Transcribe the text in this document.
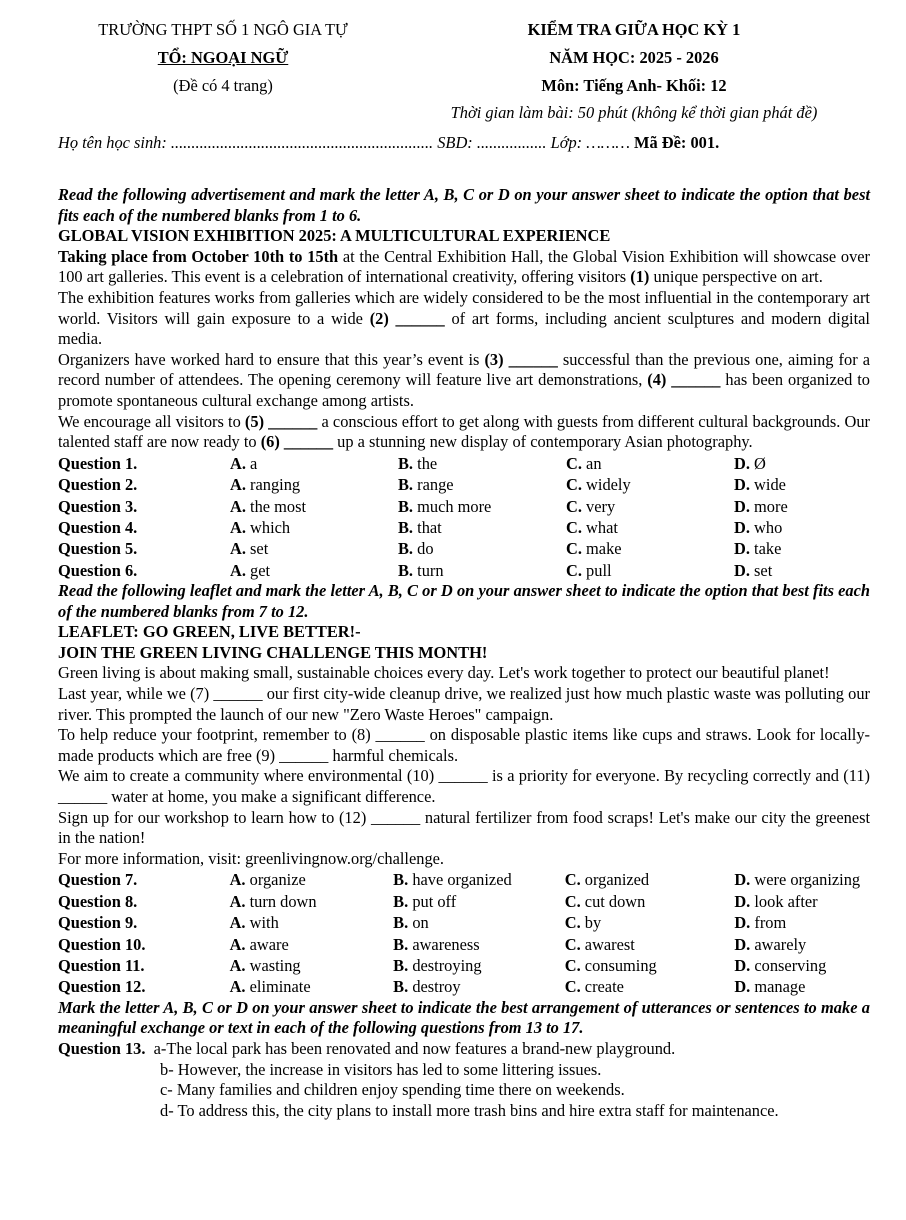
TRƯỜNG THPT SỐ 1 NGÔ GIA TỰ
TỔ: NGOẠI NGỮ
(Đề có 4 trang)
KIỂM TRA GIỮA HỌC KỲ 1
NĂM HỌC: 2025 - 2026
Môn: Tiếng Anh- Khối: 12
Thời gian làm bài: 50 phút (không kể thời gian phát đề)
Họ tên học sinh: ................................................................ SBD: ................. Lớp: ……… Mã Đề: 001.

Read the following advertisement and mark the letter A, B, C or D on your answer sheet to indicate the option that best fits each of the numbered blanks from 1 to 6.

GLOBAL VISION EXHIBITION 2025: A MULTICULTURAL EXPERIENCE

Taking place from October 10th to 15th at the Central Exhibition Hall, the Global Vision Exhibition will showcase over 100 art galleries. This event is a celebration of international creativity, offering visitors (1) unique perspective on art.

The exhibition features works from galleries which are widely considered to be the most influential in the contemporary art world. Visitors will gain exposure to a wide (2) ______ of art forms, including ancient sculptures and modern digital media.

Organizers have worked hard to ensure that this year’s event is (3) ______ successful than the previous one, aiming for a record number of attendees. The opening ceremony will feature live art demonstrations, (4) ______ has been organized to promote spontaneous cultural exchange among artists.

We encourage all visitors to (5) ______ a conscious effort to get along with guests from different cultural backgrounds. Our talented staff are now ready to (6) ______ up a stunning new display of contemporary Asian photography.

Question 1.	A. a	B. the	C. an	D. Ø
Question 2.	A. ranging	B. range	C. widely	D. wide
Question 3.	A. the most	B. much more	C. very	D. more
Question 4.	A. which	B. that	C. what	D. who
Question 5.	A. set	B. do	C. make	D. take
Question 6.	A. get	B. turn	C. pull	D. set

Read the following leaflet and mark the letter A, B, C or D on your answer sheet to indicate the option that best fits each of the numbered blanks from 7 to 12.

LEAFLET: GO GREEN, LIVE BETTER!-

JOIN THE GREEN LIVING CHALLENGE THIS MONTH!

Green living is about making small, sustainable choices every day. Let's work together to protect our beautiful planet!

Last year, while we (7) ______ our first city-wide cleanup drive, we realized just how much plastic waste was polluting our river. This prompted the launch of our new "Zero Waste Heroes" campaign.

To help reduce your footprint, remember to (8) ______ on disposable plastic items like cups and straws. Look for locally-made products which are free (9) ______ harmful chemicals.

We aim to create a community where environmental (10) ______ is a priority for everyone. By recycling correctly and (11) ______ water at home, you make a significant difference.

Sign up for our workshop to learn how to (12) ______ natural fertilizer from food scraps! Let's make our city the greenest in the nation!

For more information, visit: greenlivingnow.org/challenge.

Question 7.	A. organize	B. have organized	C. organized	D. were organizing
Question 8.	A. turn down	B. put off	C. cut down	D. look after
Question 9.	A. with	B. on	C. by	D. from
Question 10.	A. aware	B. awareness	C. awarest	D. awarely
Question 11.	A. wasting	B. destroying	C. consuming	D. conserving
Question 12.	A. eliminate	B. destroy	C. create	D. manage

Mark the letter A, B, C or D on your answer sheet to indicate the best arrangement of utterances or sentences to make a meaningful exchange or text in each of the following questions from 13 to 17.

Question 13. a-The local park has been renovated and now features a brand-new playground.
b- However, the increase in visitors has led to some littering issues.
c- Many families and children enjoy spending time there on weekends.
d- To address this, the city plans to install more trash bins and hire extra staff for maintenance.
